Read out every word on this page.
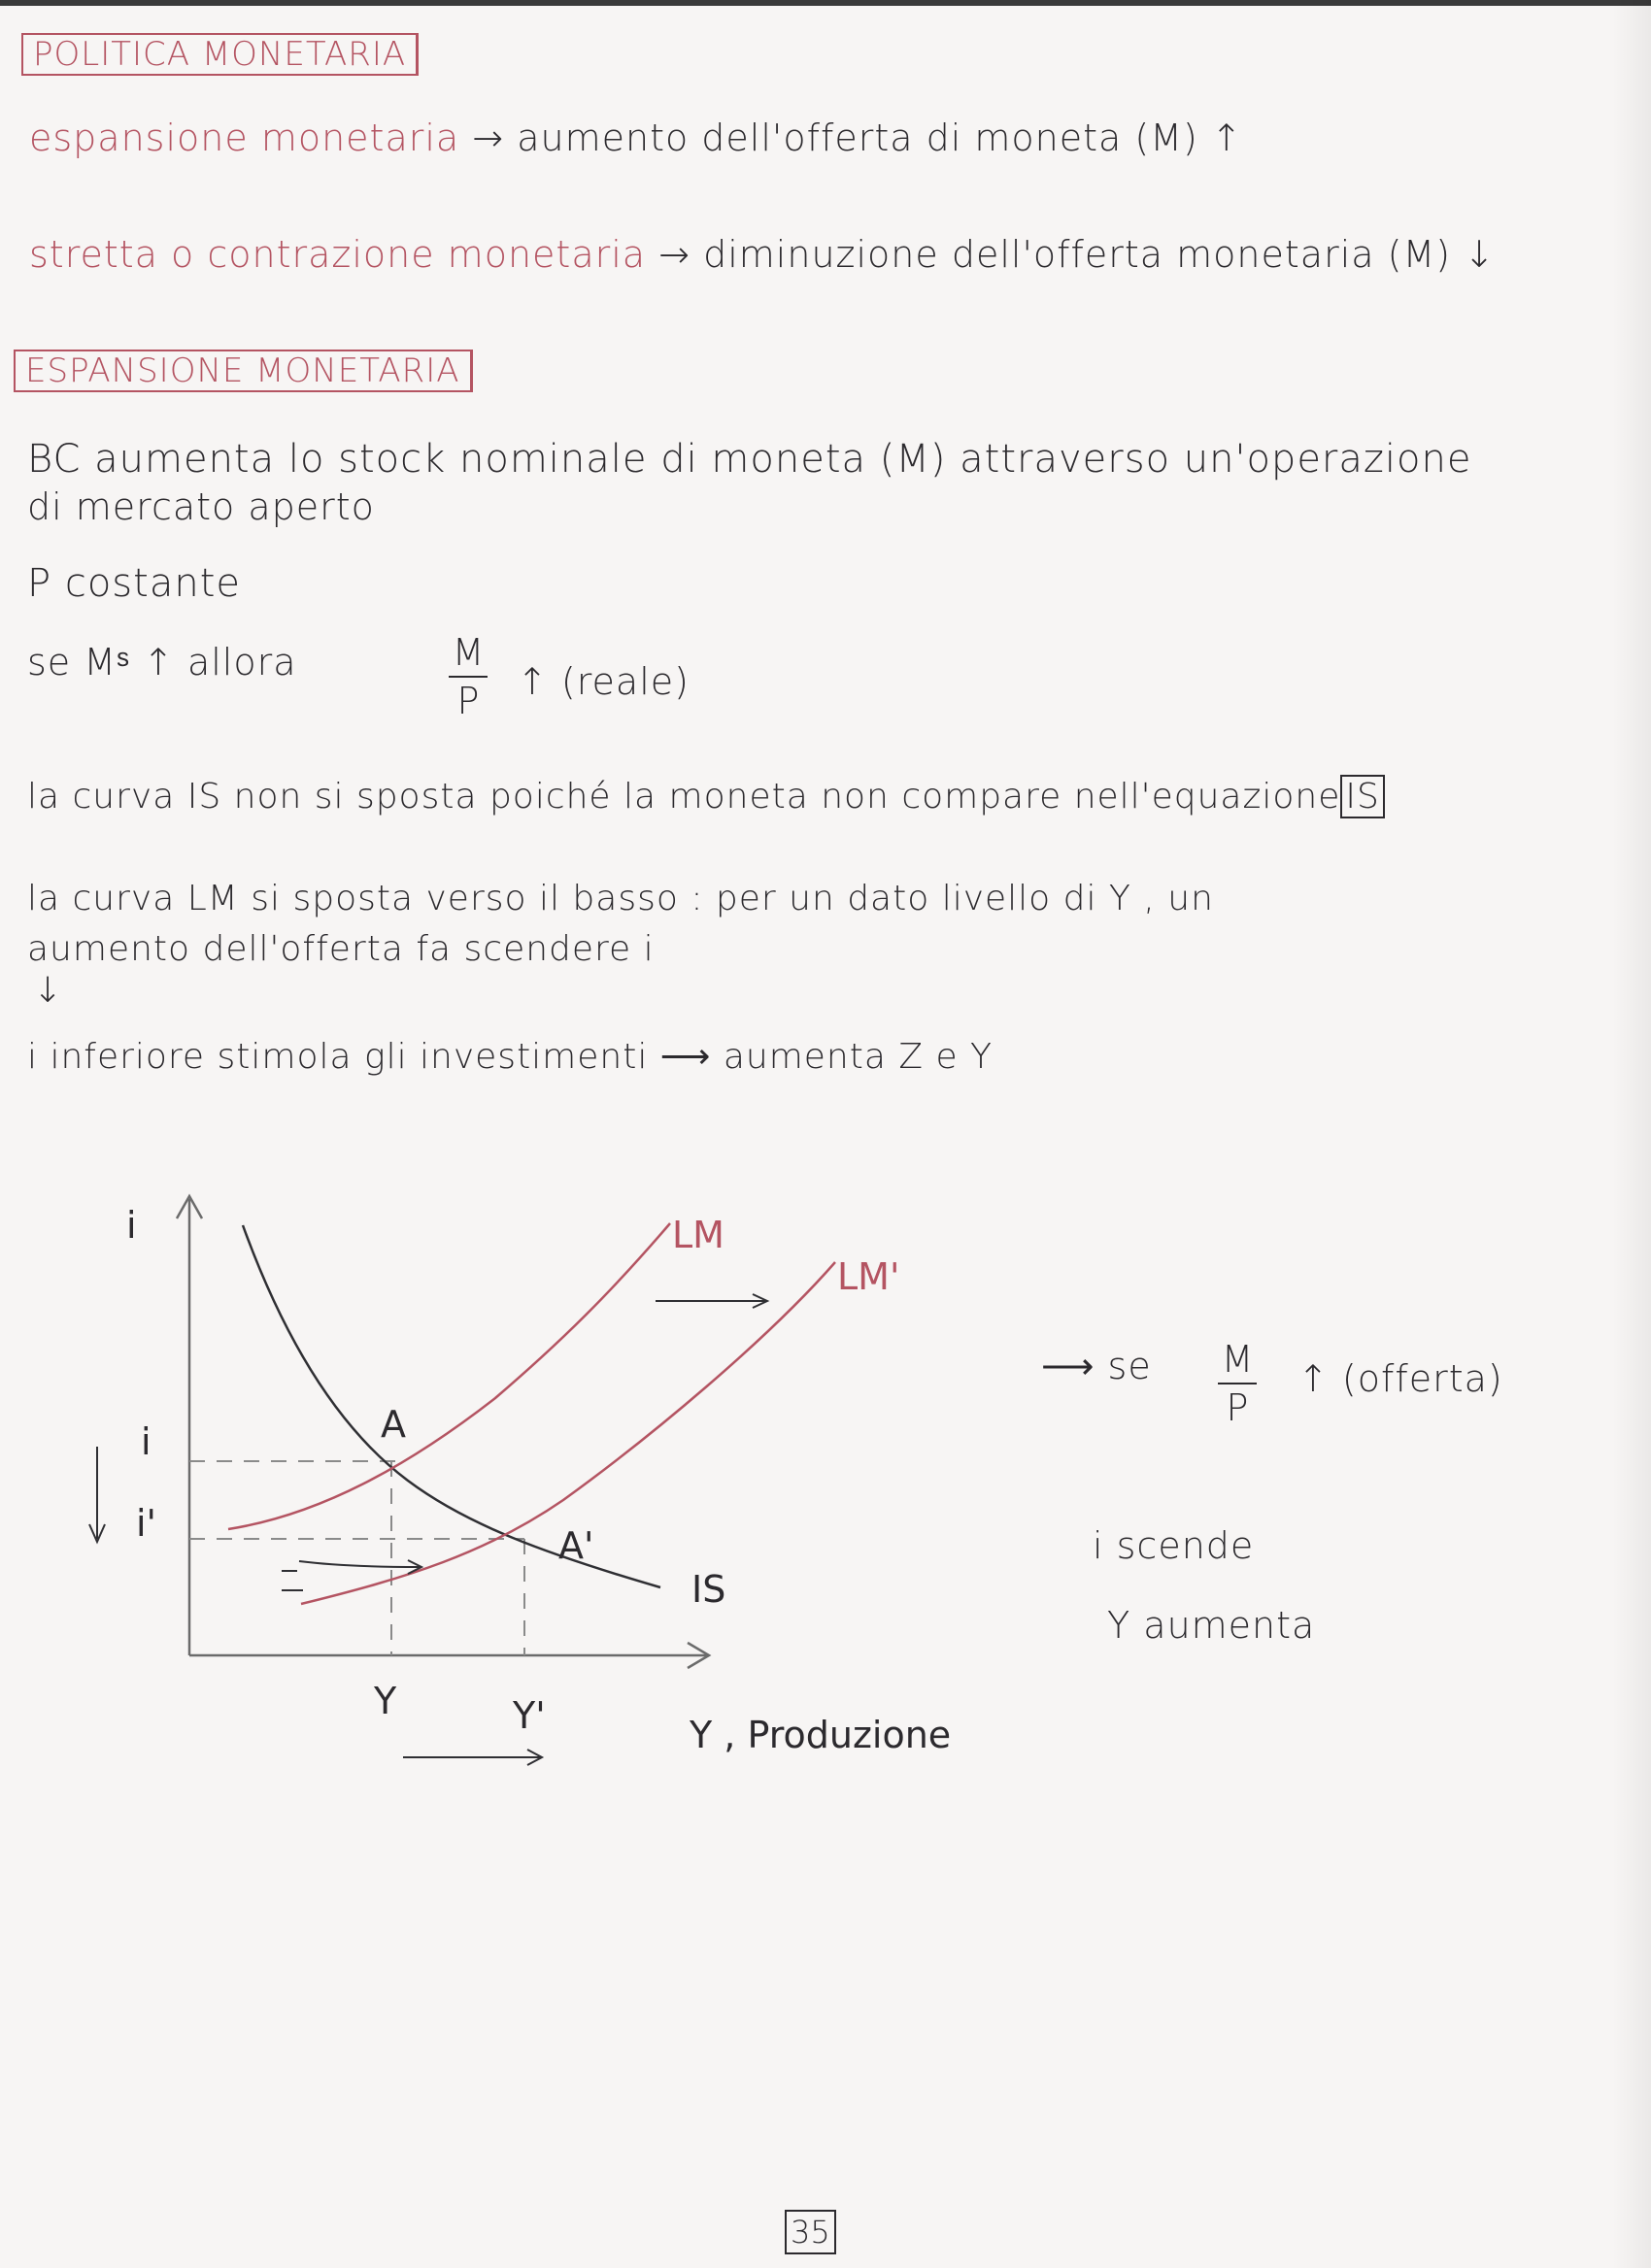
POLITICA MONETARIA
espansione monetaria → aumento dell'offerta di moneta (M) ↑
stretta o contrazione monetaria → diminuzione dell'offerta monetaria (M) ↓
ESPANSIONE MONETARIA
BC aumenta lo stock nominale di moneta (M) attraverso un'operazione
di mercato aperto
P costante
se Mˢ ↑ allora	M
P ↑ (reale)
la curva IS non si sposta poiché la moneta non compare nell'equazione IS
la curva LM si sposta verso il basso : per un dato livello di Y , un
aumento dell'offerta fa scendere i
↓
i inferiore stimola gli investimenti ⟶ aumenta Z e Y
i
i
i'
A
A'
IS
Y	Y'	Y , Produzione
LM
LM'
⟶ se M
P
↑ (offerta)
i scende
Y aumenta
35
